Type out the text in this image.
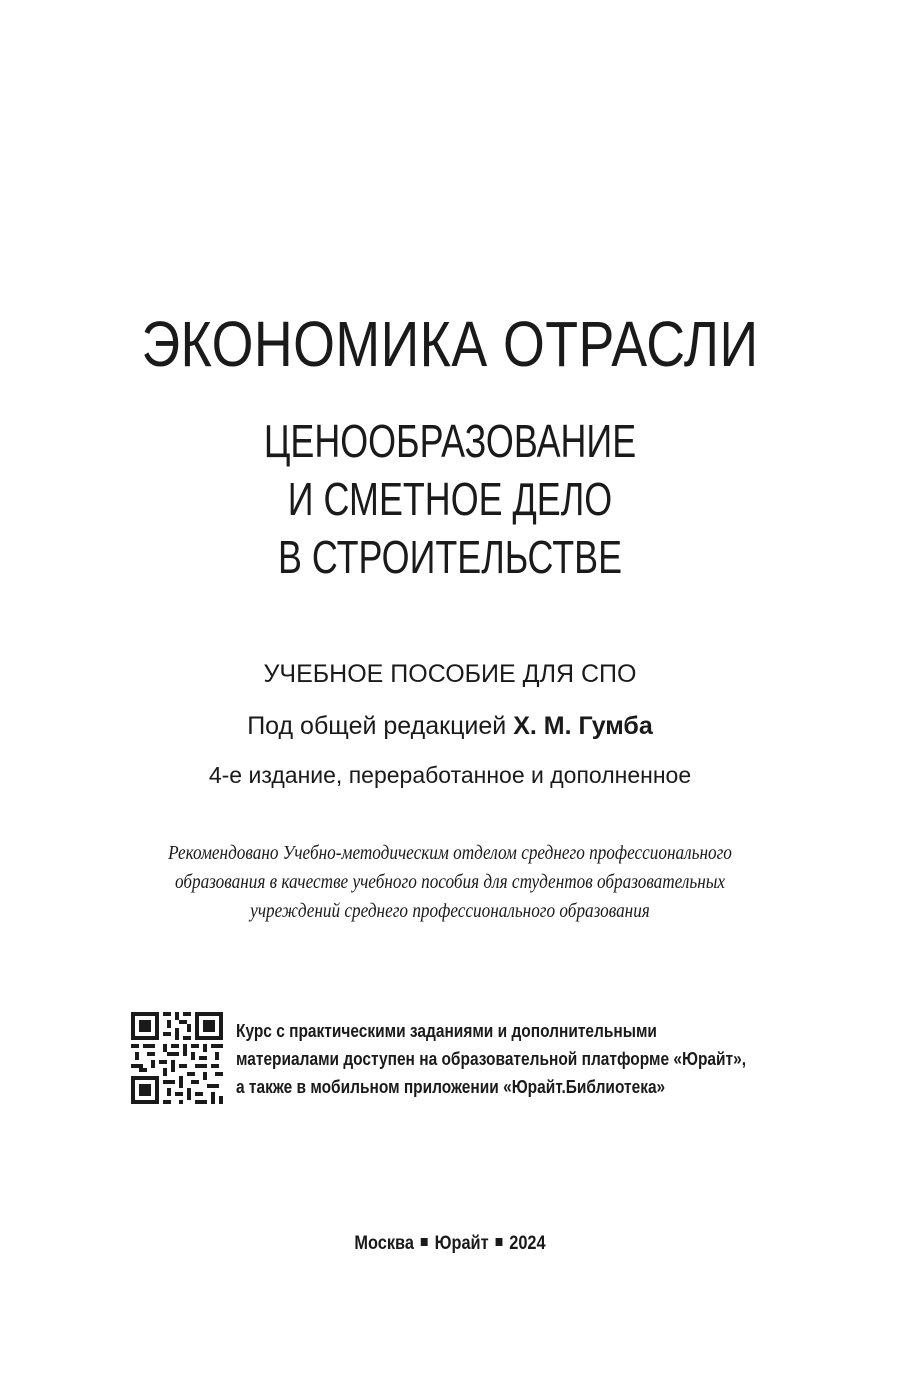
ЭКОНОМИКА ОТРАСЛИ
ЦЕНООБРАЗОВАНИЕ
И СМЕТНОЕ ДЕЛО
В СТРОИТЕЛЬСТВЕ
УЧЕБНОЕ ПОСОБИЕ ДЛЯ СПО
Под общей редакцией Х. М. Гумба
4-е издание, переработанное и дополненное
Рекомендовано Учебно-методическим отделом среднего профессионального
образования в качестве учебного пособия для студентов образовательных
учреждений среднего профессионального образования
Курс с практическими заданиями и дополнительными
материалами доступен на образовательной платформе «Юрайт»,
а также в мобильном приложении «Юрайт.Библиотека»
Москва Юрайт 2024
